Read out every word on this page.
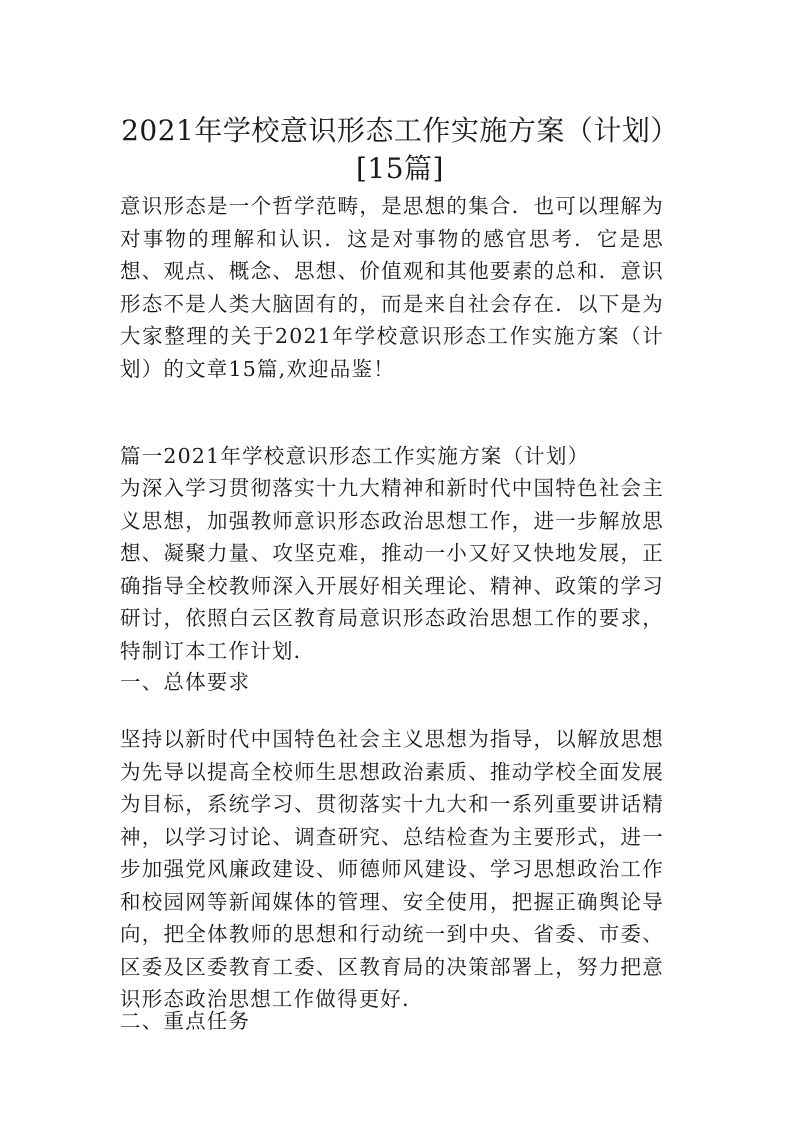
2021年学校意识形态工作实施方案（计划）[15篇]

意识形态是一个哲学范畴，是思想的集合．也可以理解为对事物的理解和认识．这是对事物的感官思考．它是思想、观点、概念、思想、价值观和其他要素的总和．意识形态不是人类大脑固有的，而是来自社会存在．以下是为大家整理的关于2021年学校意识形态工作实施方案（计划）的文章15篇,欢迎品鉴！

篇一2021年学校意识形态工作实施方案（计划）

为深入学习贯彻落实十九大精神和新时代中国特色社会主义思想，加强教师意识形态政治思想工作，进一步解放思想、凝聚力量、攻坚克难，推动一小又好又快地发展，正确指导全校教师深入开展好相关理论、精神、政策的学习研讨，依照白云区教育局意识形态政治思想工作的要求，特制订本工作计划．

一、总体要求

坚持以新时代中国特色社会主义思想为指导，以解放思想为先导以提高全校师生思想政治素质、推动学校全面发展为目标，系统学习、贯彻落实十九大和一系列重要讲话精神，以学习讨论、调查研究、总结检查为主要形式，进一步加强党风廉政建设、师德师风建设、学习思想政治工作和校园网等新闻媒体的管理、安全使用，把握正确舆论导向，把全体教师的思想和行动统一到中央、省委、市委、区委及区委教育工委、区教育局的决策部署上，努力把意识形态政治思想工作做得更好．

二、重点任务
